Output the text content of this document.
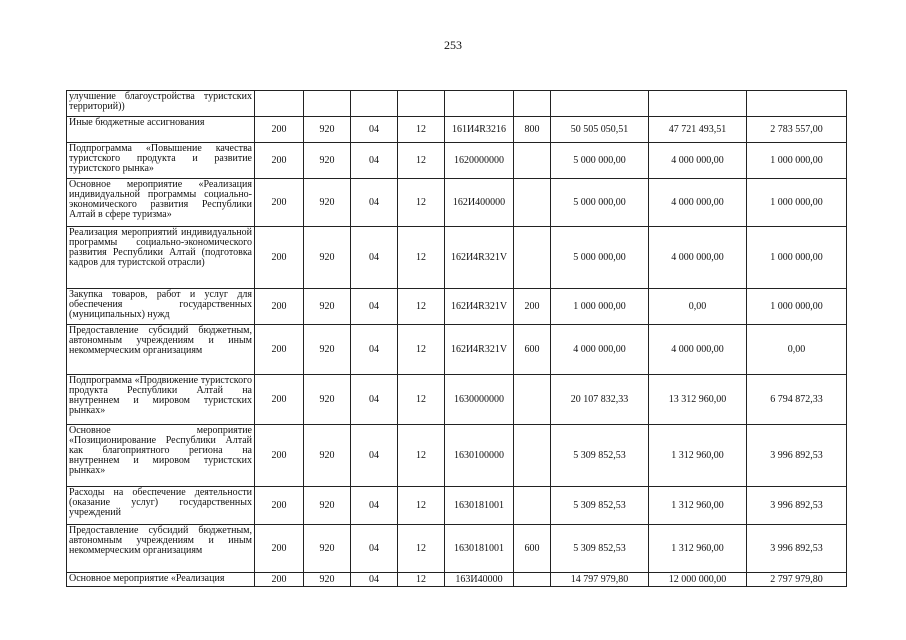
253
улучшение благоустройства туристских территорий))									
Иные бюджетные ассигнования	200	920	04	12	161И4R3216	800	50 505 050,51	47 721 493,51	2 783 557,00
Подпрограмма «Повышение качества туристского продукта и развитие туристского рынка»	200	920	04	12	1620000000		5 000 000,00	4 000 000,00	1 000 000,00
Основное мероприятие «Реализация индивидуальной программы социально-экономического развития Республики Алтай в сфере туризма»	200	920	04	12	162И400000		5 000 000,00	4 000 000,00	1 000 000,00
Реализация мероприятий индивидуальной программы социально-экономического развития Республики Алтай (подготовка кадров для туристской отрасли)	200	920	04	12	162И4R321V		5 000 000,00	4 000 000,00	1 000 000,00
Закупка товаров, работ и услуг для обеспечения государственных (муниципальных) нужд	200	920	04	12	162И4R321V	200	1 000 000,00	0,00	1 000 000,00
Предоставление субсидий бюджетным, автономным учреждениям и иным некоммерческим организациям	200	920	04	12	162И4R321V	600	4 000 000,00	4 000 000,00	0,00
Подпрограмма «Продвижение туристского продукта Республики Алтай на внутреннем и мировом туристских рынках»	200	920	04	12	1630000000		20 107 832,33	13 312 960,00	6 794 872,33
Основное мероприятие «Позиционирование Республики Алтай как благоприятного региона на внутреннем и мировом туристских рынках»	200	920	04	12	1630100000		5 309 852,53	1 312 960,00	3 996 892,53
Расходы на обеспечение деятельности (оказание услуг) государственных учреждений	200	920	04	12	1630181001		5 309 852,53	1 312 960,00	3 996 892,53
Предоставление субсидий бюджетным, автономным учреждениям и иным некоммерческим организациям	200	920	04	12	1630181001	600	5 309 852,53	1 312 960,00	3 996 892,53
Основное мероприятие «Реализация	200	920	04	12	163И40000		14 797 979,80	12 000 000,00	2 797 979,80
